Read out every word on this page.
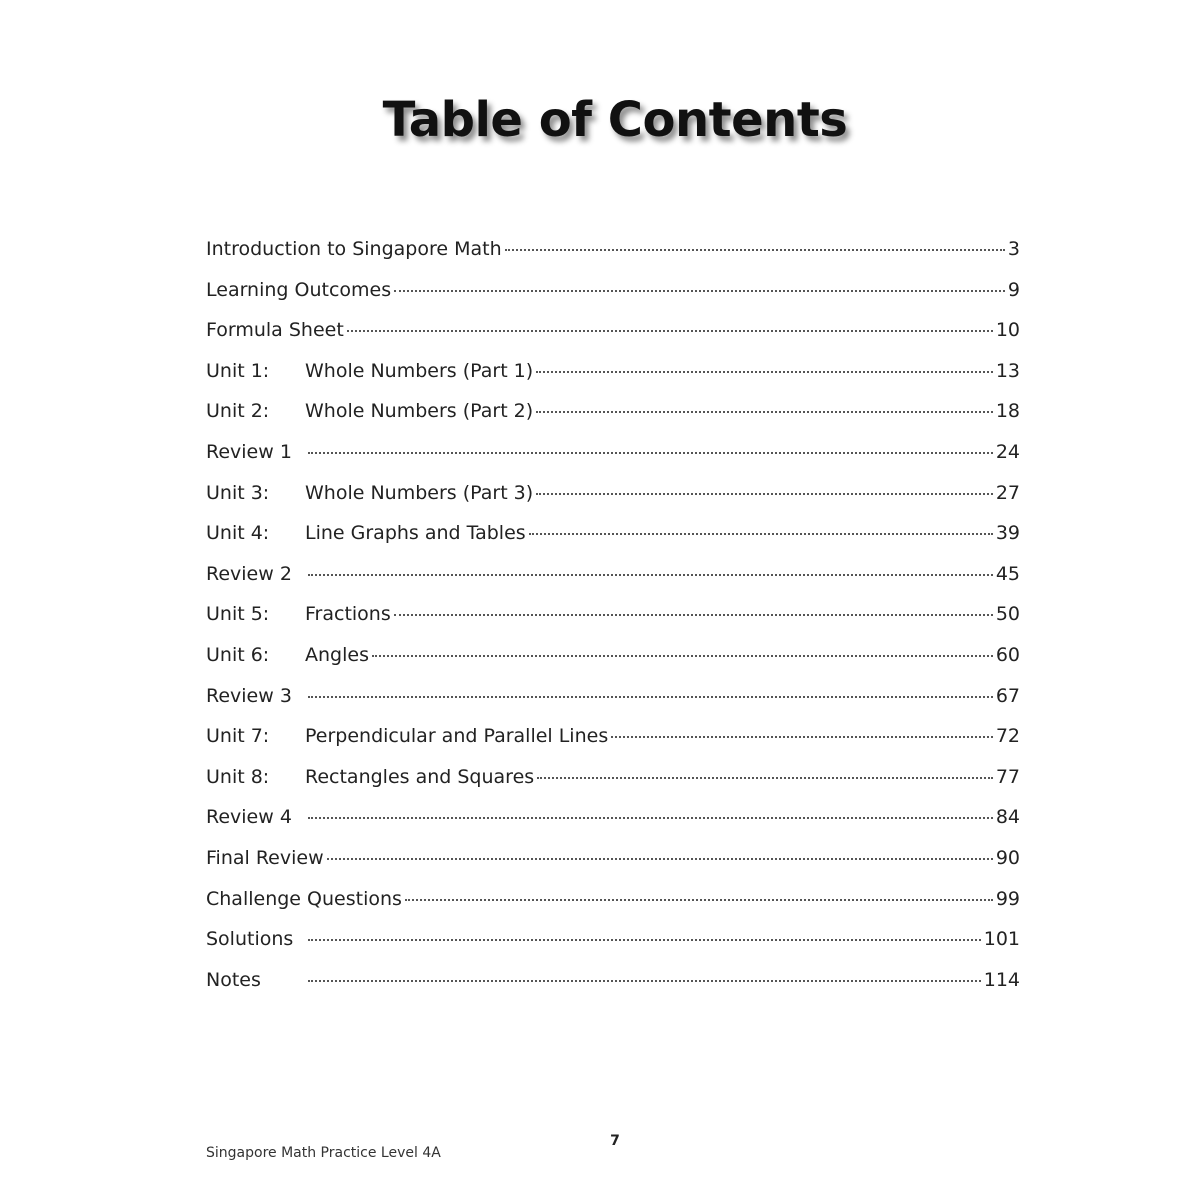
Table of Contents
Introduction to Singapore Math	3
Learning Outcomes	9
Formula Sheet	10
Unit 1:	Whole Numbers (Part 1)	13
Unit 2:	Whole Numbers (Part 2)	18
Review 1	24
Unit 3:	Whole Numbers (Part 3)	27
Unit 4:	Line Graphs and Tables	39
Review 2	45
Unit 5:	Fractions	50
Unit 6:	Angles	60
Review 3	67
Unit 7:	Perpendicular and Parallel Lines	72
Unit 8:	Rectangles and Squares	77
Review 4	84
Final Review	90
Challenge Questions	99
Solutions	101
Notes	114
Singapore Math Practice Level 4A
7
